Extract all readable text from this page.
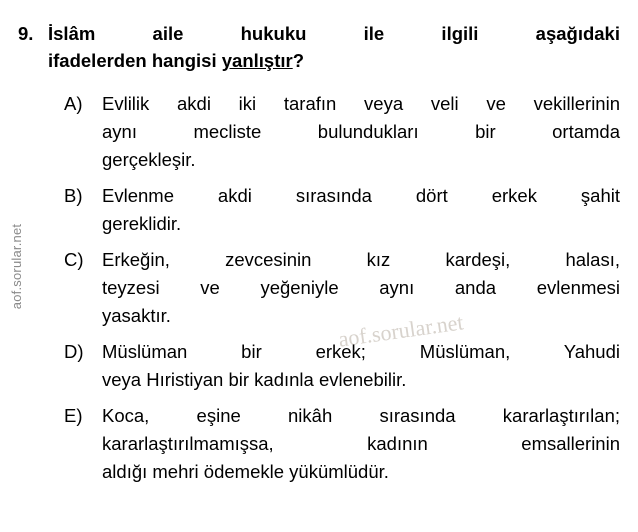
aof.sorular.net
aof.sorular.net
9. İslâm aile hukuku ile ilgili aşağıdaki
ifadelerden hangisi yanlıştır?
A)	Evlilik akdi iki tarafın veya veli ve vekillerinin
aynı mecliste bulundukları bir ortamda
gerçekleşir.
B)	Evlenme akdi sırasında dört erkek şahit
gereklidir.
C) Erkeğin, zevcesinin kız kardeşi, halası,
teyzesi ve yeğeniyle aynı anda evlenmesi
yasaktır.
D) Müslüman bir erkek; Müslüman, Yahudi
veya Hıristiyan bir kadınla evlenebilir.
E)	Koca, eşine nikâh sırasında kararlaştırılan;
kararlaştırılmamışsa, kadının emsallerinin
aldığı mehri ödemekle yükümlüdür.
